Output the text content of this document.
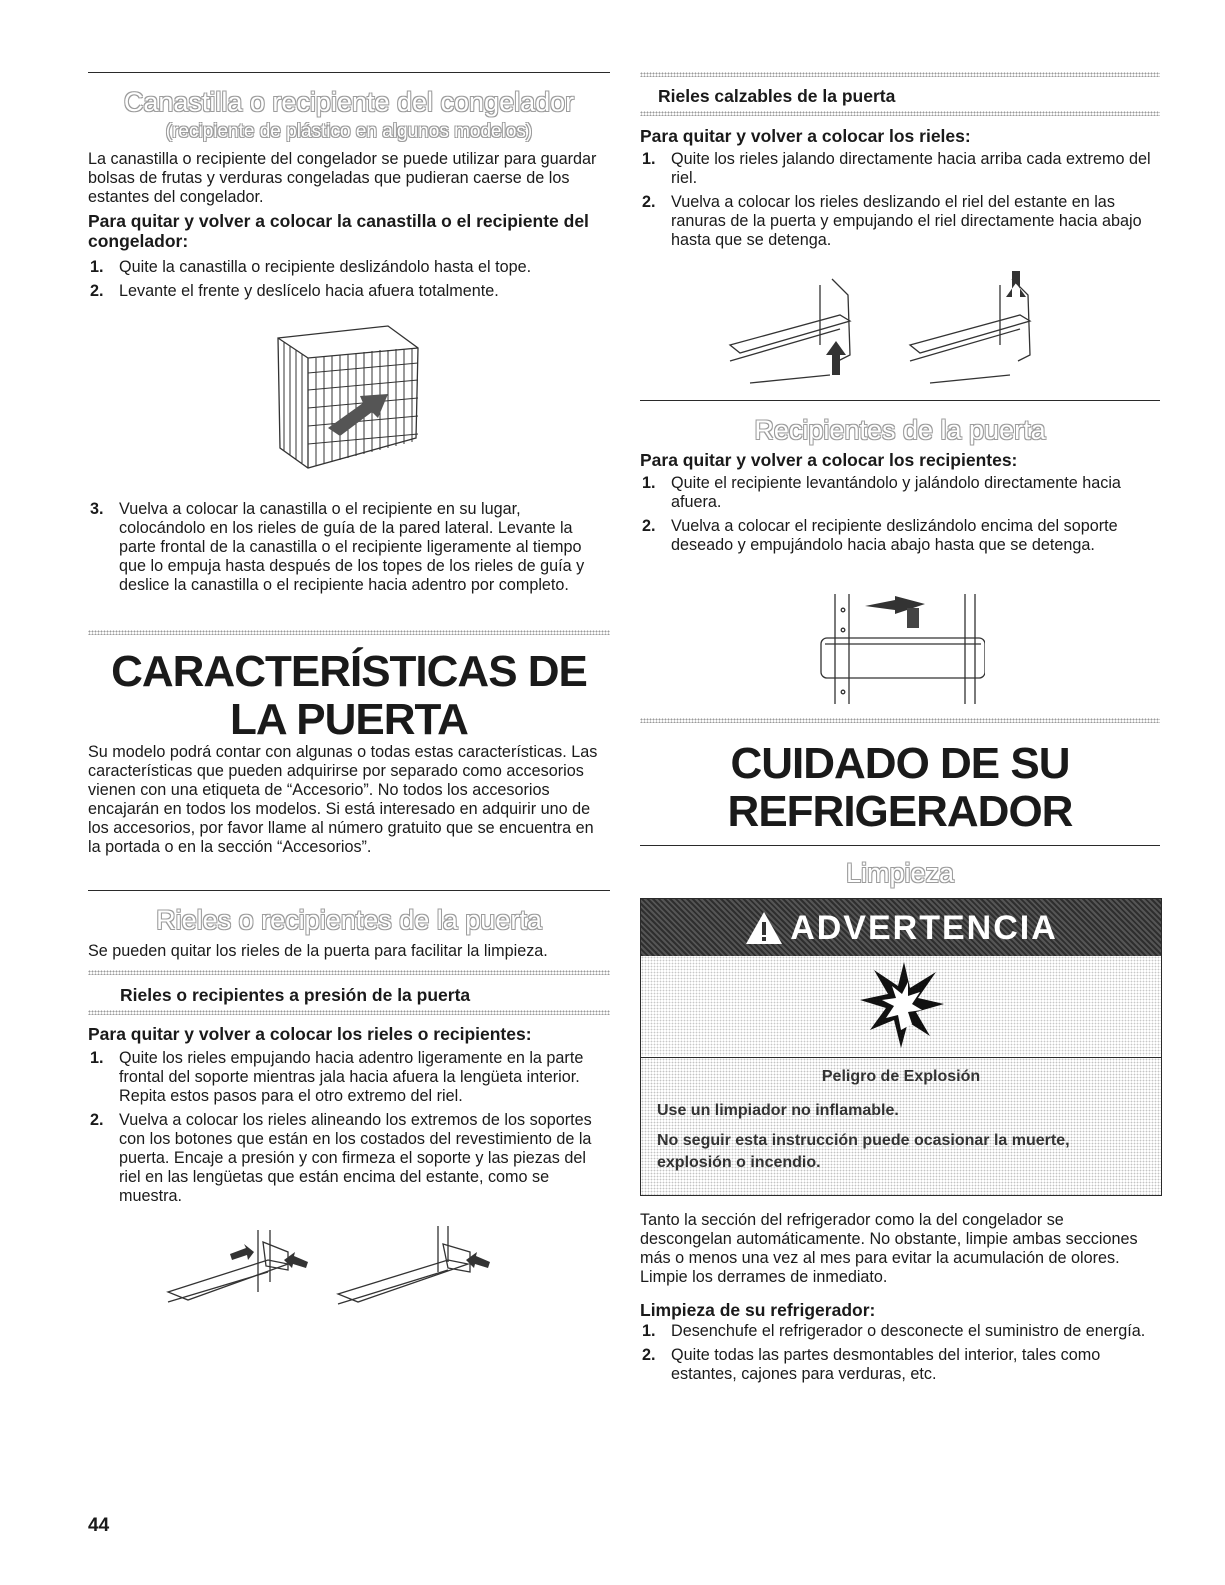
Canastilla o recipiente del congelador
(recipiente de plástico en algunos modelos)

La canastilla o recipiente del congelador se puede utilizar para guardar bolsas de frutas y verduras congeladas que pudieran caerse de los estantes del congelador.

Para quitar y volver a colocar la canastilla o el recipiente del congelador:

1. Quite la canastilla o recipiente deslizándolo hasta el tope.
2. Levante el frente y deslícelo hacia afuera totalmente.
3. Vuelva a colocar la canastilla o el recipiente en su lugar, colocándolo en los rieles de guía de la pared lateral. Levante la parte frontal de la canastilla o el recipiente ligeramente al tiempo que lo empuja hasta después de los topes de los rieles de guía y deslice la canastilla o el recipiente hacia adentro por completo.
CARACTERÍSTICAS DE
LA PUERTA

Su modelo podrá contar con algunas o todas estas características. Las características que pueden adquirirse por separado como accesorios vienen con una etiqueta de “Accesorio”. No todos los accesorios encajarán en todos los modelos. Si está interesado en adquirir uno de los accesorios, por favor llame al número gratuito que se encuentra en la portada o en la sección “Accesorios”.

Rieles o recipientes de la puerta

Se pueden quitar los rieles de la puerta para facilitar la limpieza.

Rieles o recipientes a presión de la puerta

Para quitar y volver a colocar los rieles o recipientes:

1. Quite los rieles empujando hacia adentro ligeramente en la parte frontal del soporte mientras jala hacia afuera la lengüeta interior. Repita estos pasos para el otro extremo del riel.
2. Vuelva a colocar los rieles alineando los extremos de los soportes con los botones que están en los costados del revestimiento de la puerta. Encaje a presión y con firmeza el soporte y las piezas del riel en las lengüetas que están encima del estante, como se muestra.
44

Rieles calzables de la puerta

Para quitar y volver a colocar los rieles:

1. Quite los rieles jalando directamente hacia arriba cada extremo del riel.
2. Vuelva a colocar los rieles deslizando el riel del estante en las ranuras de la puerta y empujando el riel directamente hacia abajo hasta que se detenga.
Recipientes de la puerta

Para quitar y volver a colocar los recipientes:

1. Quite el recipiente levantándolo y jalándolo directamente hacia afuera.
2. Vuelva a colocar el recipiente deslizándolo encima del soporte deseado y empujándolo hacia abajo hasta que se detenga.
CUIDADO DE SU
REFRIGERADOR
Limpieza

Tanto la sección del refrigerador como la del congelador se descongelan automáticamente. No obstante, limpie ambas secciones más o menos una vez al mes para evitar la acumulación de olores. Limpie los derrames de inmediato.

Limpieza de su refrigerador:

1. Desenchufe el refrigerador o desconecte el suministro de energía.
2. Quite todas las partes desmontables del interior, tales como estantes, cajones para verduras, etc.
ADVERTENCIA

Peligro de Explosión

Use un limpiador no inflamable.

No seguir esta instrucción puede ocasionar la muerte, explosión o incendio.
